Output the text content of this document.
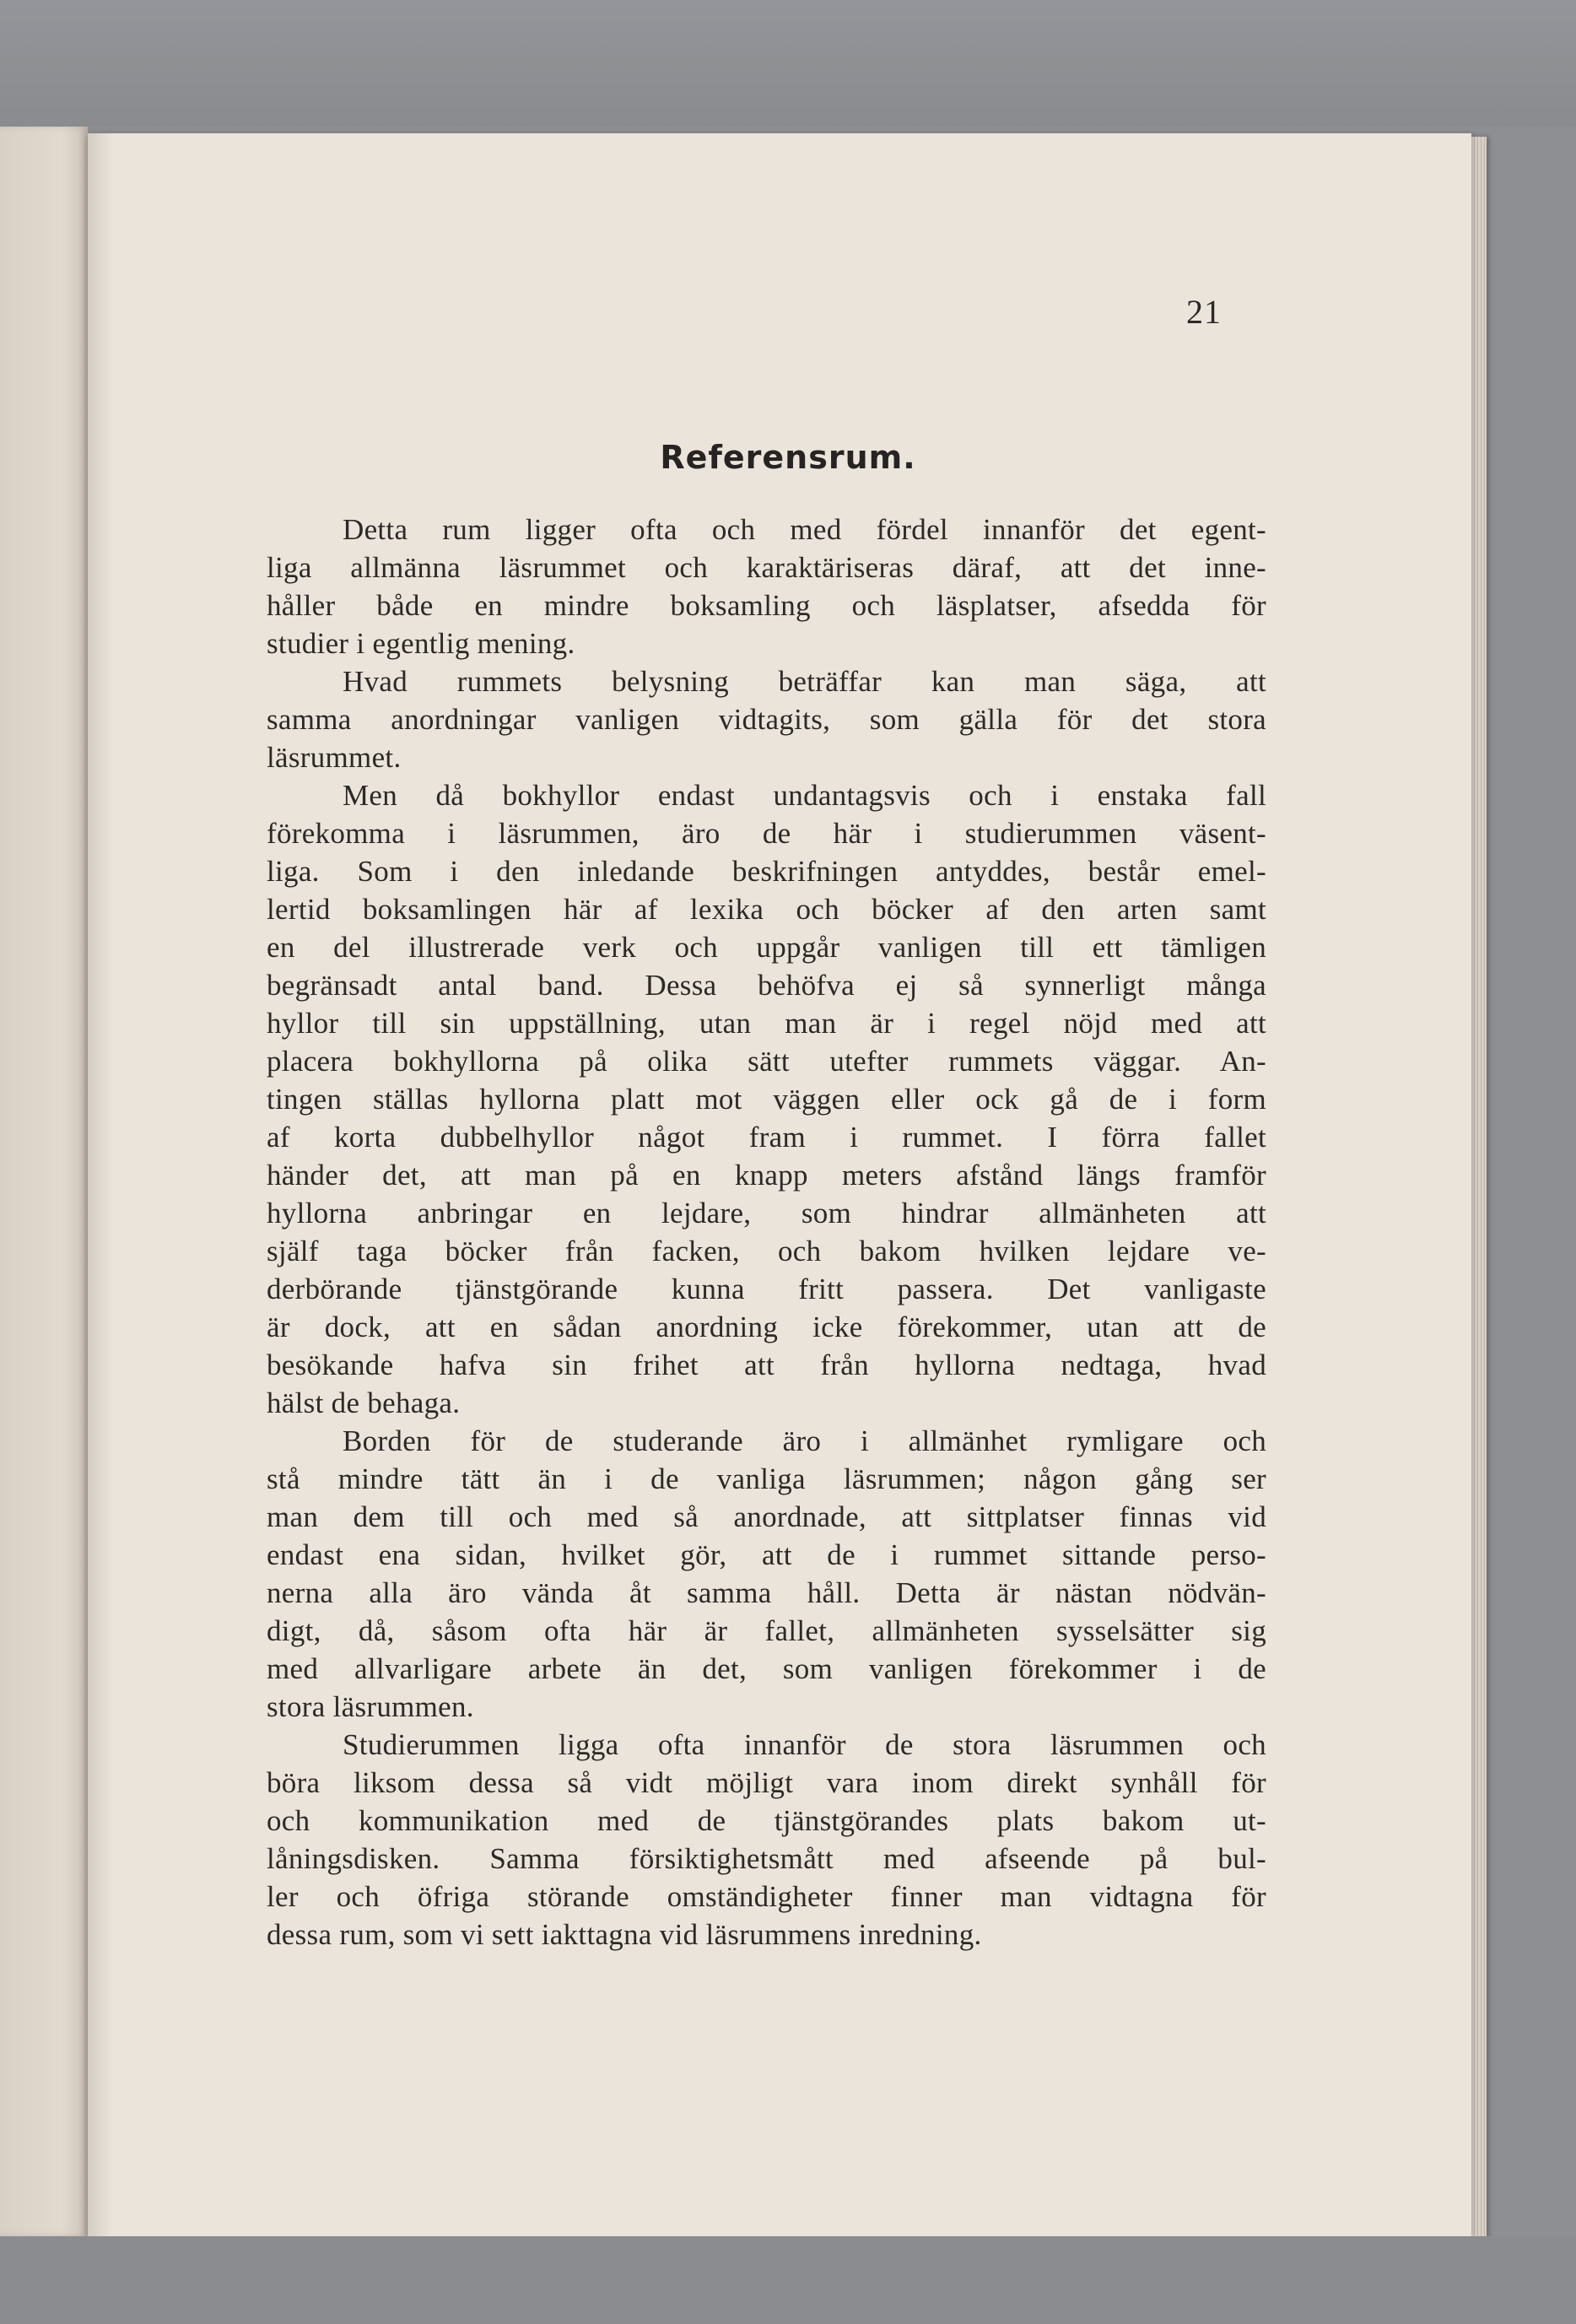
21
Referensrum.
Detta rum ligger ofta och med fördel innanför det egent-
liga allmänna läsrummet och karaktäriseras däraf, att det inne-
håller både en mindre boksamling och läsplatser, afsedda för
studier i egentlig mening.
Hvad rummets belysning beträffar kan man säga, att
samma anordningar vanligen vidtagits, som gälla för det stora
läsrummet.
Men då bokhyllor endast undantagsvis och i enstaka fall
förekomma i läsrummen, äro de här i studierummen väsent-
liga. Som i den inledande beskrifningen antyddes, består emel-
lertid boksamlingen här af lexika och böcker af den arten samt
en del illustrerade verk och uppgår vanligen till ett tämligen
begränsadt antal band. Dessa behöfva ej så synnerligt många
hyllor till sin uppställning, utan man är i regel nöjd med att
placera bokhyllorna på olika sätt utefter rummets väggar. An-
tingen ställas hyllorna platt mot väggen eller ock gå de i form
af korta dubbelhyllor något fram i rummet. I förra fallet
händer det, att man på en knapp meters afstånd längs framför
hyllorna anbringar en lejdare, som hindrar allmänheten att
själf taga böcker från facken, och bakom hvilken lejdare ve-
derbörande tjänstgörande kunna fritt passera. Det vanligaste
är dock, att en sådan anordning icke förekommer, utan att de
besökande hafva sin frihet att från hyllorna nedtaga, hvad
hälst de behaga.
Borden för de studerande äro i allmänhet rymligare och
stå mindre tätt än i de vanliga läsrummen; någon gång ser
man dem till och med så anordnade, att sittplatser finnas vid
endast ena sidan, hvilket gör, att de i rummet sittande perso-
nerna alla äro vända åt samma håll. Detta är nästan nödvän-
digt, då, såsom ofta här är fallet, allmänheten sysselsätter sig
med allvarligare arbete än det, som vanligen förekommer i de
stora läsrummen.
Studierummen ligga ofta innanför de stora läsrummen och
böra liksom dessa så vidt möjligt vara inom direkt synhåll för
och kommunikation med de tjänstgörandes plats bakom ut-
låningsdisken. Samma försiktighetsmått med afseende på bul-
ler och öfriga störande omständigheter finner man vidtagna för
dessa rum, som vi sett iakttagna vid läsrummens inredning.
